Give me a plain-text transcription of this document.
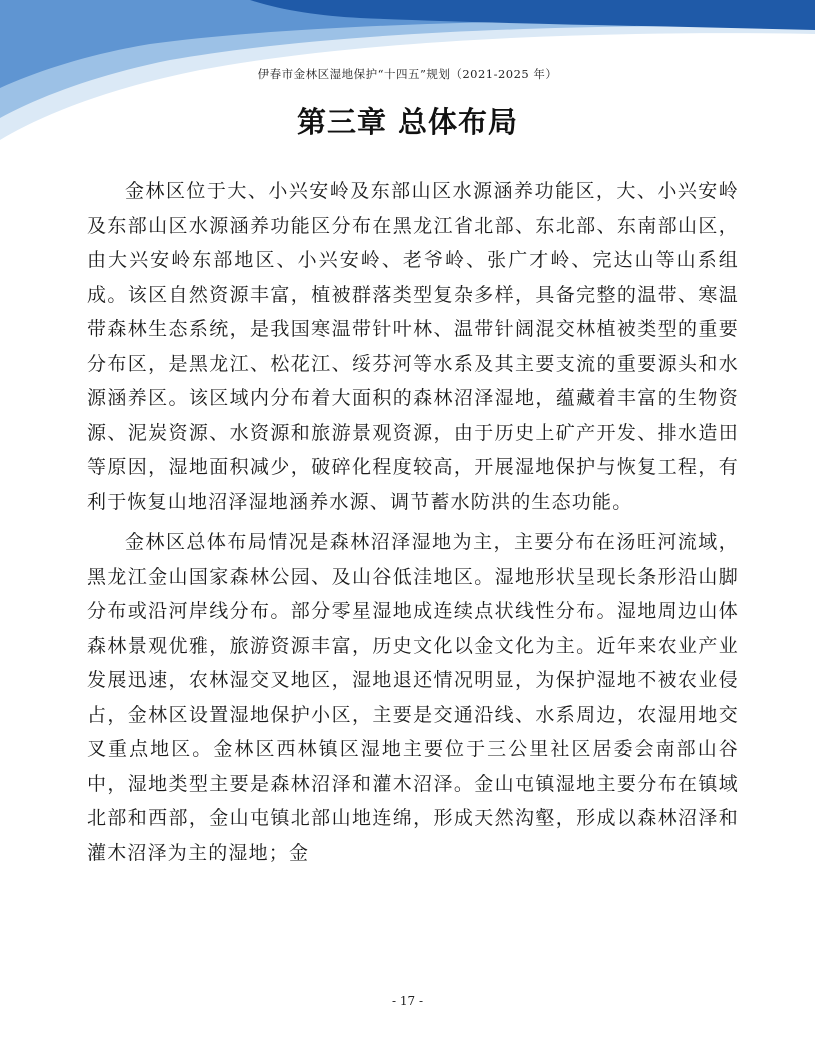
伊春市金林区湿地保护“十四五”规划（2021-2025 年）
第三章 总体布局

金林区位于大、小兴安岭及东部山区水源涵养功能区，大、小兴安岭及东部山区水源涵养功能区分布在黑龙江省北部、东北部、东南部山区，由大兴安岭东部地区、小兴安岭、老爷岭、张广才岭、完达山等山系组成。该区自然资源丰富，植被群落类型复杂多样，具备完整的温带、寒温带森林生态系统，是我国寒温带针叶林、温带针阔混交林植被类型的重要分布区，是黑龙江、松花江、绥芬河等水系及其主要支流的重要源头和水源涵养区。该区域内分布着大面积的森林沼泽湿地，蕴藏着丰富的生物资源、泥炭资源、水资源和旅游景观资源，由于历史上矿产开发、排水造田等原因，湿地面积减少，破碎化程度较高，开展湿地保护与恢复工程，有利于恢复山地沼泽湿地涵养水源、调节蓄水防洪的生态功能。

金林区总体布局情况是森林沼泽湿地为主，主要分布在汤旺河流域，黑龙江金山国家森林公园、及山谷低洼地区。湿地形状呈现长条形沿山脚分布或沿河岸线分布。部分零星湿地成连续点状线性分布。湿地周边山体森林景观优雅，旅游资源丰富，历史文化以金文化为主。近年来农业产业发展迅速，农林湿交叉地区，湿地退还情况明显，为保护湿地不被农业侵占，金林区设置湿地保护小区，主要是交通沿线、水系周边，农湿用地交叉重点地区。金林区西林镇区湿地主要位于三公里社区居委会南部山谷中，湿地类型主要是森林沼泽和灌木沼泽。金山屯镇湿地主要分布在镇域北部和西部，金山屯镇北部山地连绵，形成天然沟壑，形成以森林沼泽和灌木沼泽为主的湿地；金

- 17 -
